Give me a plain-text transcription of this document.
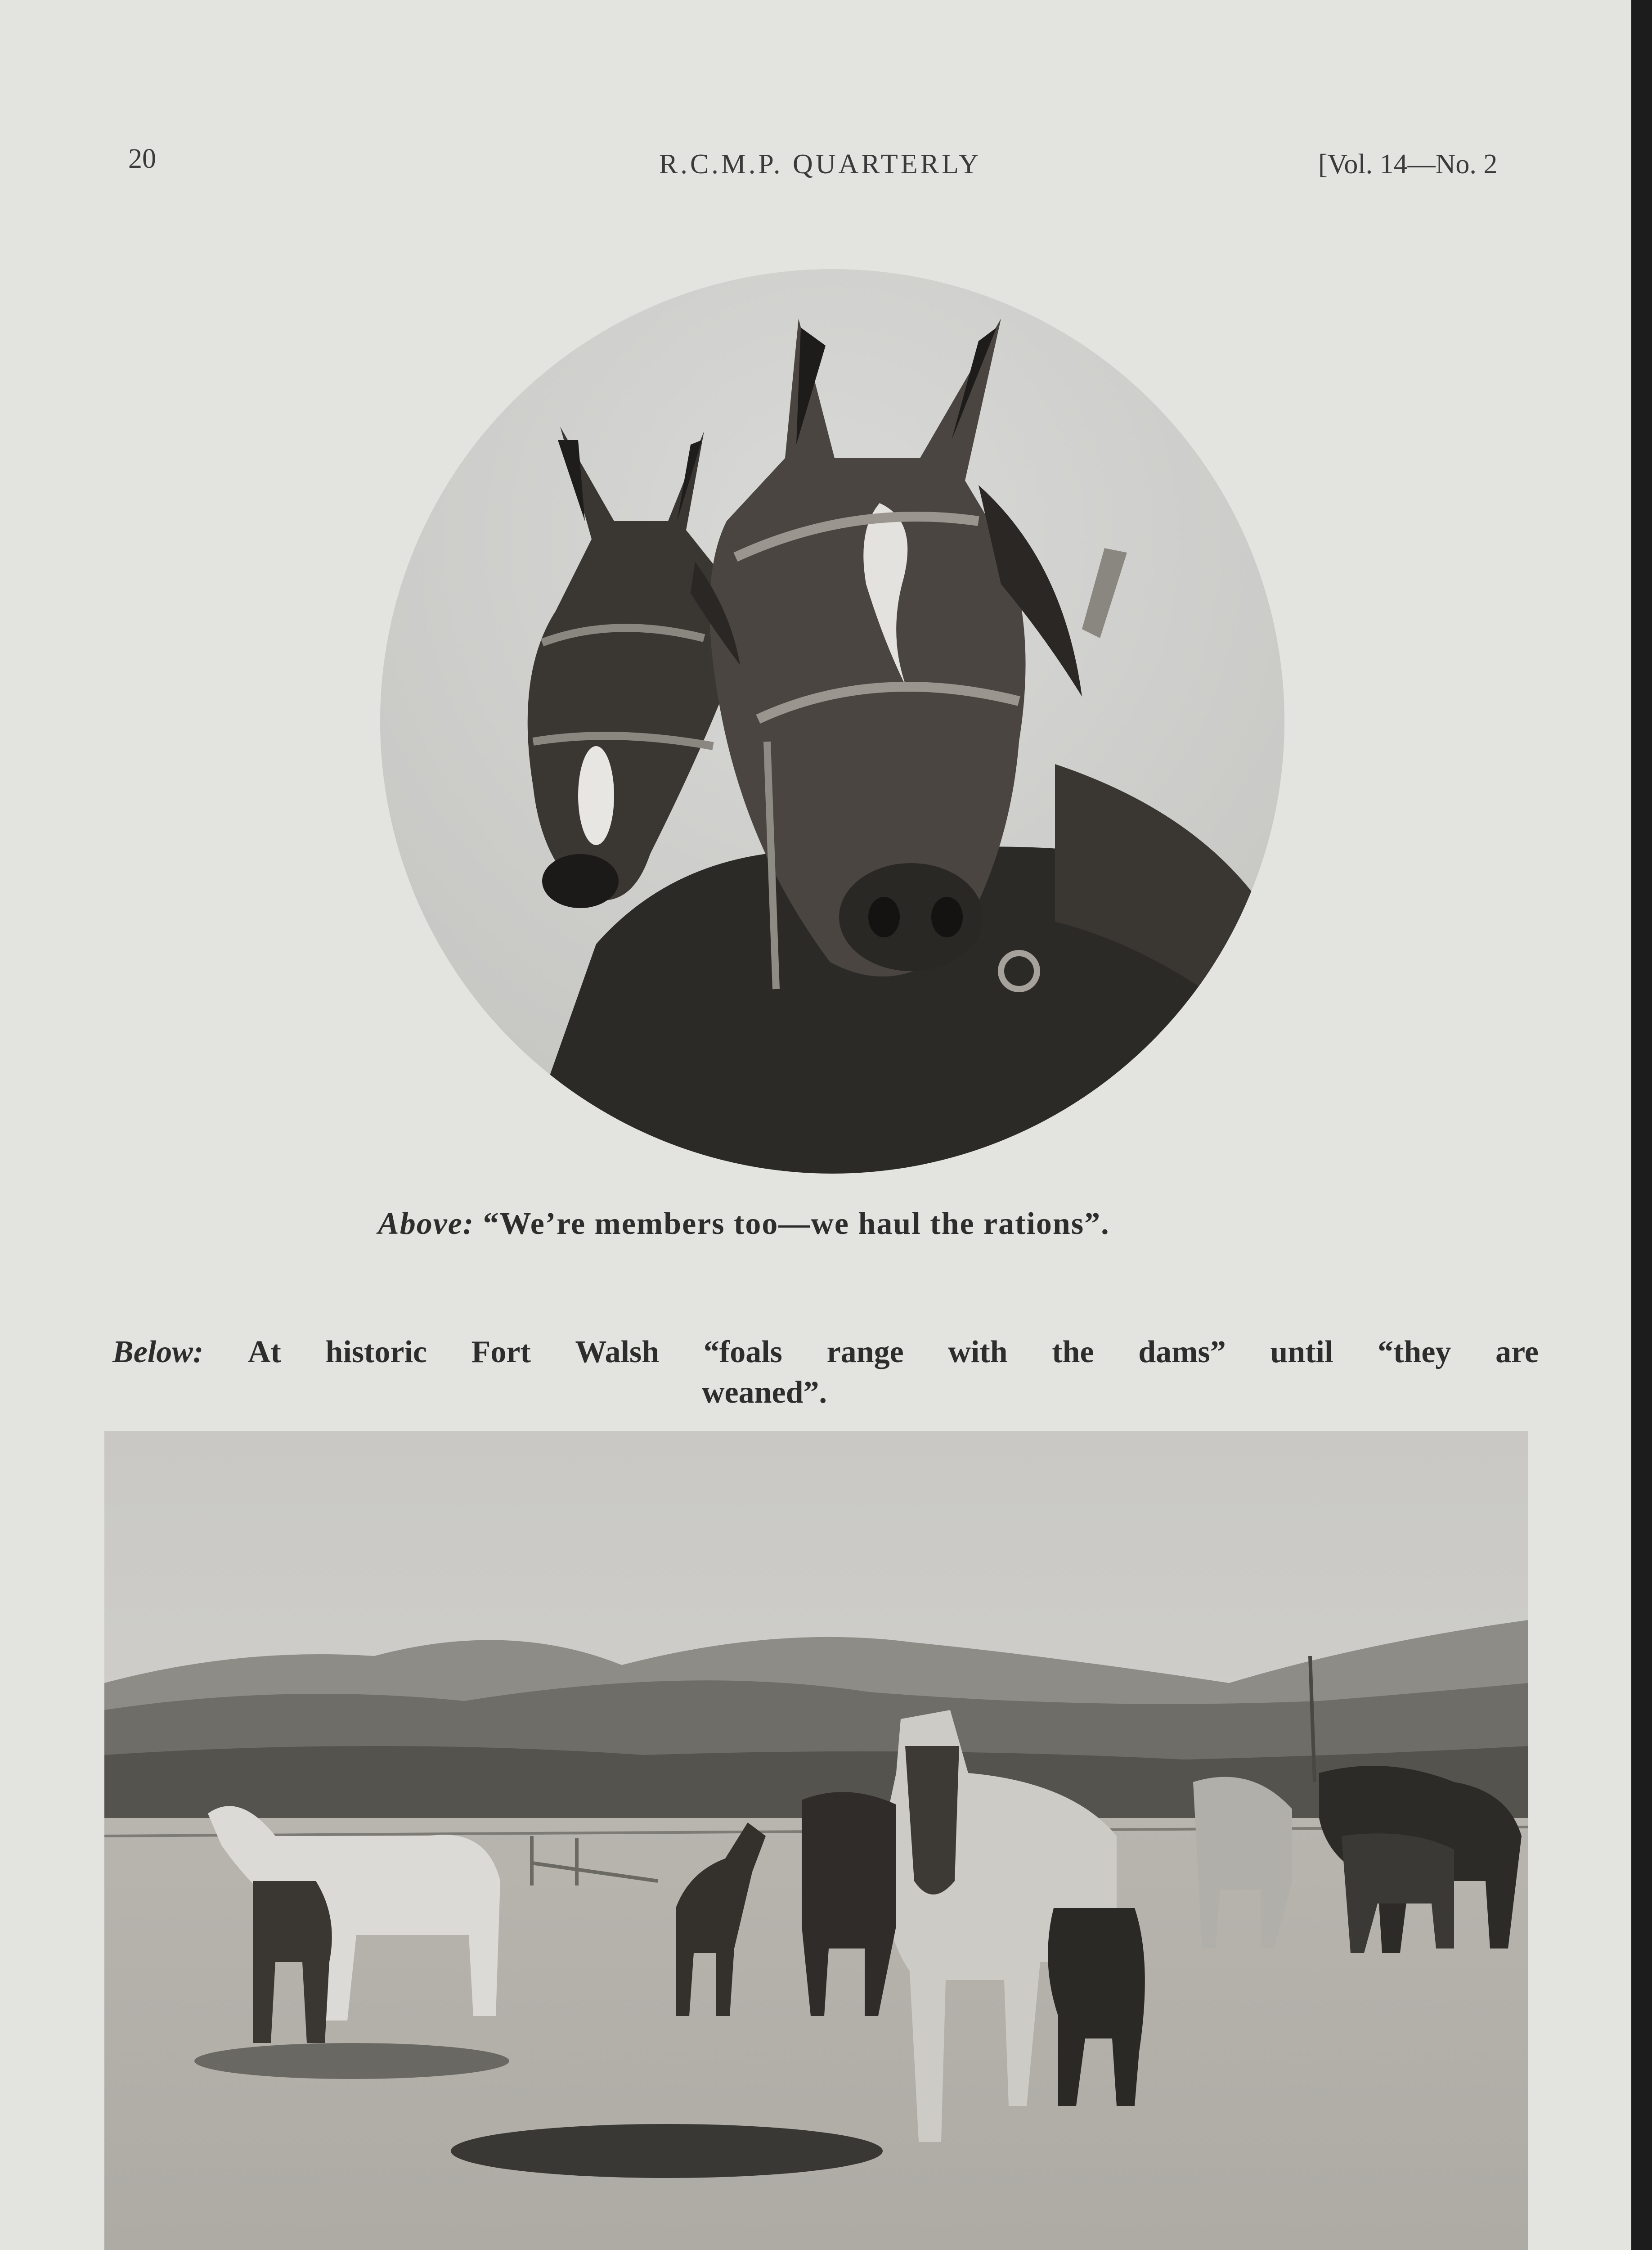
20	R.C.M.P. QUARTERLY	[Vol. 14—No. 2
Above: “We’re members too—we haul the rations”.
Below: At historic Fort Walsh “foals range with the dams” until “they are
weaned”.
